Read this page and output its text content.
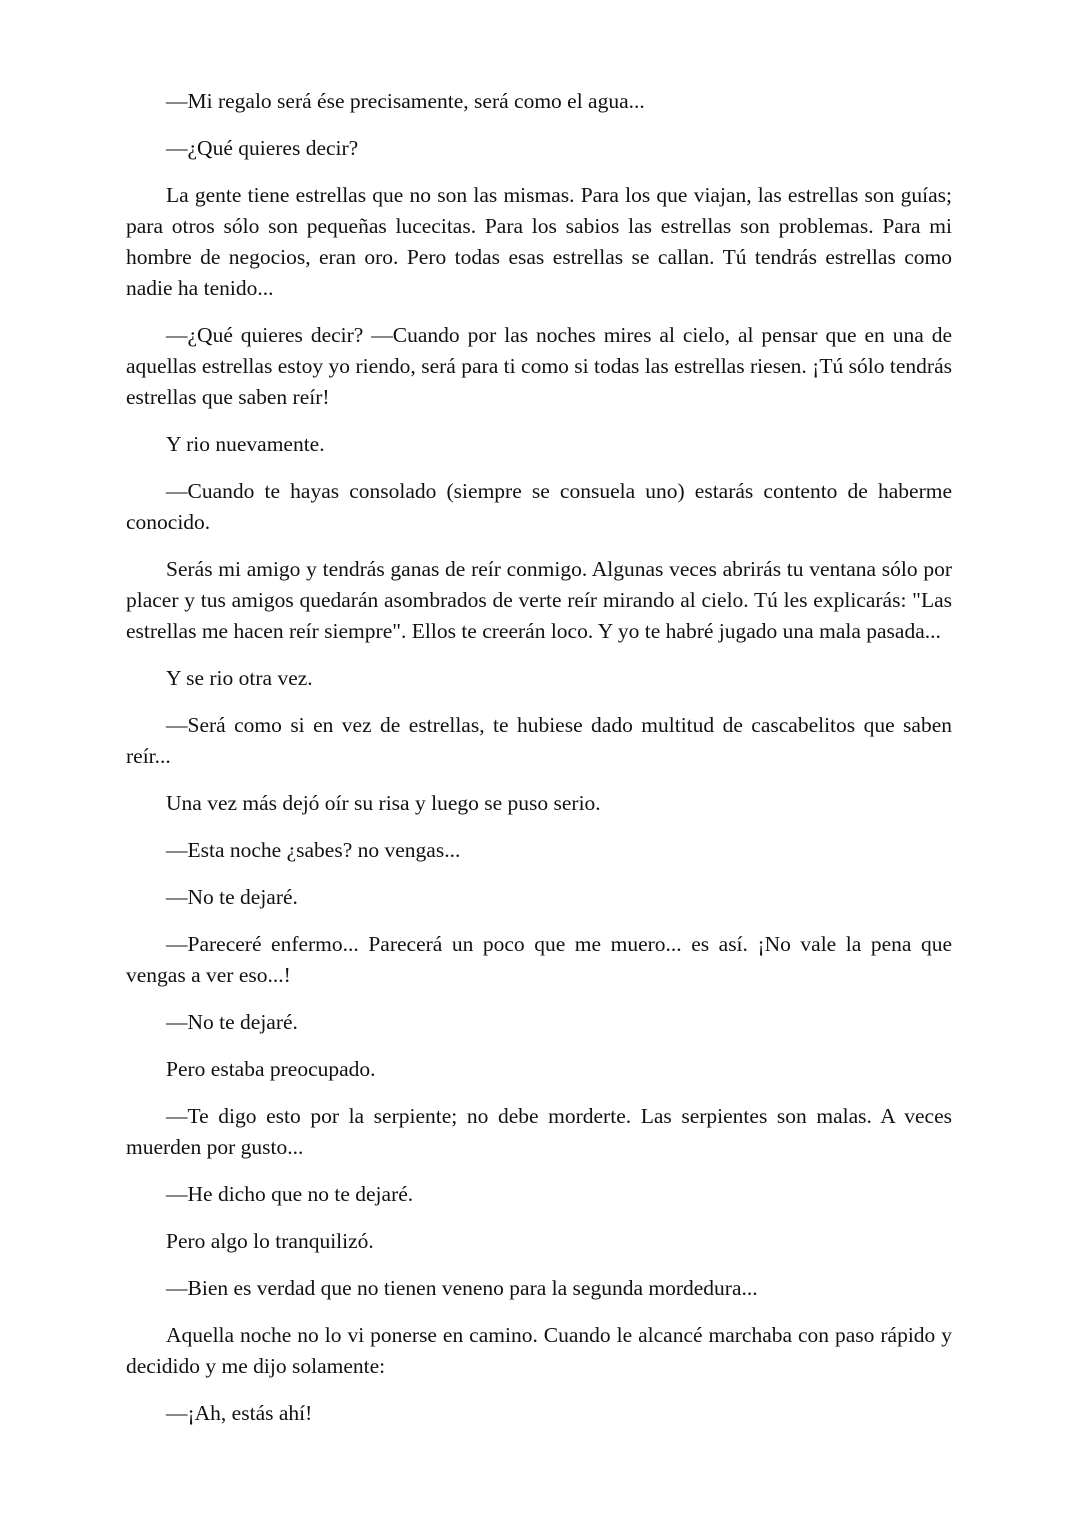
—Mi regalo será ése precisamente, será como el agua...

—¿Qué quieres decir?

La gente tiene estrellas que no son las mismas. Para los que viajan, las estrellas son guías; para otros sólo son pequeñas lucecitas. Para los sabios las estrellas son problemas. Para mi hombre de negocios, eran oro. Pero todas esas estrellas se callan. Tú tendrás estrellas como nadie ha tenido...

—¿Qué quieres decir? —Cuando por las noches mires al cielo, al pensar que en una de aquellas estrellas estoy yo riendo, será para ti como si todas las estrellas riesen. ¡Tú sólo tendrás estrellas que saben reír!

Y rio nuevamente.

—Cuando te hayas consolado (siempre se consuela uno) estarás contento de haberme conocido.

Serás mi amigo y tendrás ganas de reír conmigo. Algunas veces abrirás tu ventana sólo por placer y tus amigos quedarán asombrados de verte reír mirando al cielo. Tú les explicarás: "Las estrellas me hacen reír siempre". Ellos te creerán loco. Y yo te habré jugado una mala pasada...

Y se rio otra vez.

—Será como si en vez de estrellas, te hubiese dado multitud de cascabelitos que saben reír...

Una vez más dejó oír su risa y luego se puso serio.

—Esta noche ¿sabes? no vengas...

—No te dejaré.

—Pareceré enfermo... Parecerá un poco que me muero... es así. ¡No vale la pena que vengas a ver eso...!

—No te dejaré.

Pero estaba preocupado.

—Te digo esto por la serpiente; no debe morderte. Las serpientes son malas. A veces muerden por gusto...

—He dicho que no te dejaré.

Pero algo lo tranquilizó.

—Bien es verdad que no tienen veneno para la segunda mordedura...

Aquella noche no lo vi ponerse en camino. Cuando le alcancé marchaba con paso rápido y decidido y me dijo solamente:

—¡Ah, estás ahí!
